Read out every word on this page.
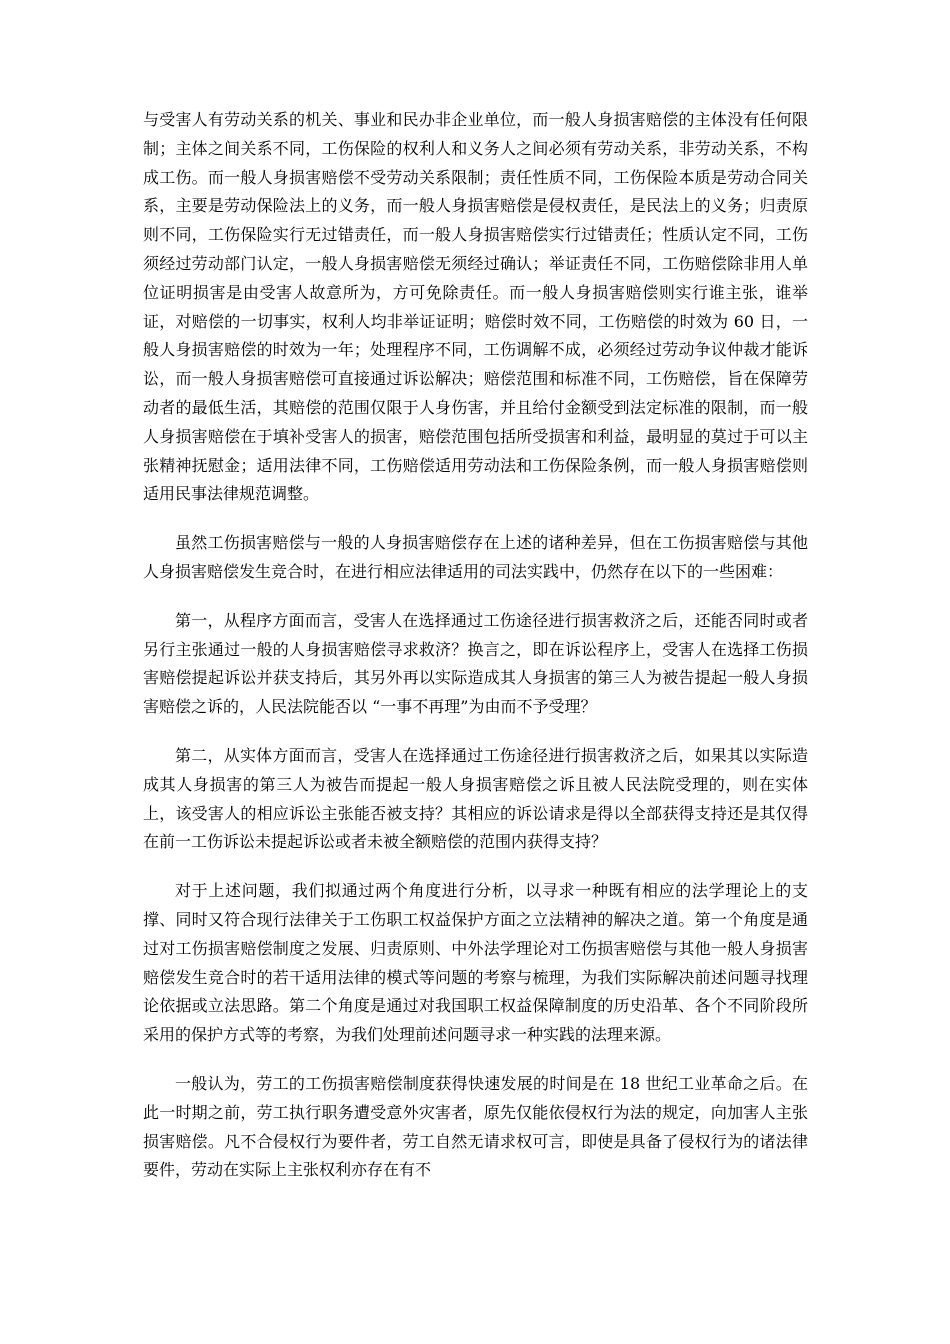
与受害人有劳动关系的机关、事业和民办非企业单位，而一般人身损害赔偿的主体没有任何限制；主体之间关系不同，工伤保险的权利人和义务人之间必须有劳动关系，非劳动关系，不构成工伤。而一般人身损害赔偿不受劳动关系限制；责任性质不同，工伤保险本质是劳动合同关系，主要是劳动保险法上的义务，而一般人身损害赔偿是侵权责任，是民法上的义务；归责原则不同，工伤保险实行无过错责任，而一般人身损害赔偿实行过错责任；性质认定不同，工伤须经过劳动部门认定，一般人身损害赔偿无须经过确认；举证责任不同，工伤赔偿除非用人单位证明损害是由受害人故意所为，方可免除责任。而一般人身损害赔偿则实行谁主张，谁举证，对赔偿的一切事实，权利人均非举证证明；赔偿时效不同，工伤赔偿的时效为 60 日，一般人身损害赔偿的时效为一年；处理程序不同，工伤调解不成，必须经过劳动争议仲裁才能诉讼，而一般人身损害赔偿可直接通过诉讼解决；赔偿范围和标准不同，工伤赔偿，旨在保障劳动者的最低生活，其赔偿的范围仅限于人身伤害，并且给付金额受到法定标准的限制，而一般人身损害赔偿在于填补受害人的损害，赔偿范围包括所受损害和利益，最明显的莫过于可以主张精神抚慰金；适用法律不同，工伤赔偿适用劳动法和工伤保险条例，而一般人身损害赔偿则适用民事法律规范调整。

虽然工伤损害赔偿与一般的人身损害赔偿存在上述的诸种差异，但在工伤损害赔偿与其他人身损害赔偿发生竞合时，在进行相应法律适用的司法实践中，仍然存在以下的一些困难：

第一，从程序方面而言，受害人在选择通过工伤途径进行损害救济之后，还能否同时或者另行主张通过一般的人身损害赔偿寻求救济？换言之，即在诉讼程序上，受害人在选择工伤损害赔偿提起诉讼并获支持后，其另外再以实际造成其人身损害的第三人为被告提起一般人身损害赔偿之诉的，人民法院能否以 “一事不再理”为由而不予受理？

第二，从实体方面而言，受害人在选择通过工伤途径进行损害救济之后，如果其以实际造成其人身损害的第三人为被告而提起一般人身损害赔偿之诉且被人民法院受理的，则在实体上，该受害人的相应诉讼主张能否被支持？其相应的诉讼请求是得以全部获得支持还是其仅得在前一工伤诉讼未提起诉讼或者未被全额赔偿的范围内获得支持？

对于上述问题，我们拟通过两个角度进行分析，以寻求一种既有相应的法学理论上的支撑、同时又符合现行法律关于工伤职工权益保护方面之立法精神的解决之道。第一个角度是通过对工伤损害赔偿制度之发展、归责原则、中外法学理论对工伤损害赔偿与其他一般人身损害赔偿发生竞合时的若干适用法律的模式等问题的考察与梳理，为我们实际解决前述问题寻找理论依据或立法思路。第二个角度是通过对我国职工权益保障制度的历史沿革、各个不同阶段所采用的保护方式等的考察，为我们处理前述问题寻求一种实践的法理来源。

一般认为，劳工的工伤损害赔偿制度获得快速发展的时间是在 18 世纪工业革命之后。在此一时期之前，劳工执行职务遭受意外灾害者，原先仅能依侵权行为法的规定，向加害人主张损害赔偿。凡不合侵权行为要件者，劳工自然无请求权可言，即使是具备了侵权行为的诸法律要件，劳动在实际上主张权利亦存在有不
